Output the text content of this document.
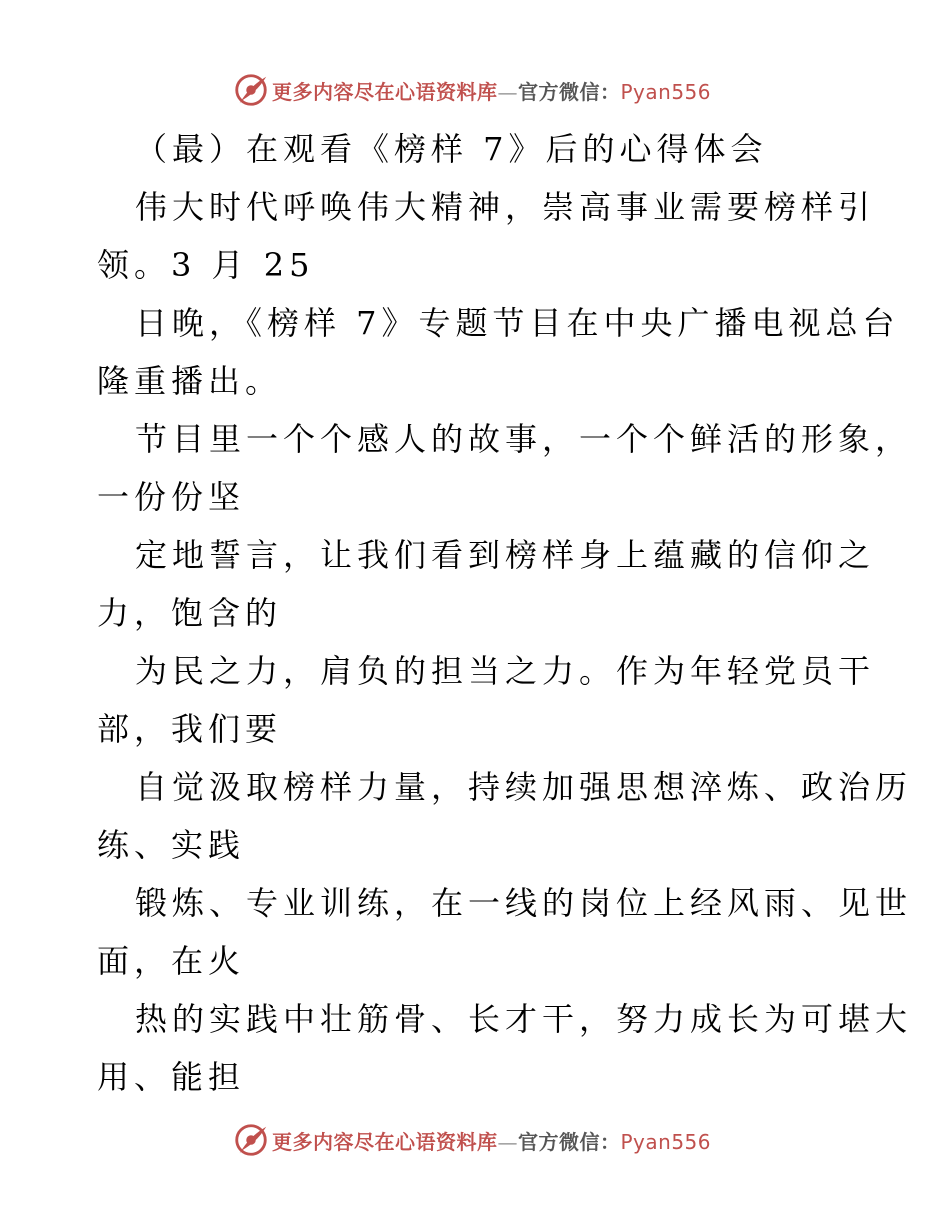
更多内容尽在心语资料库—官方微信：Pyan556
（最）在观看《榜样 7》后的心得体会
伟大时代呼唤伟大精神，崇高事业需要榜样引
领。3 月 25
日晚，《榜样 7》专题节目在中央广播电视总台
隆重播出。
节目里一个个感人的故事，一个个鲜活的形象，
一份份坚
定地誓言，让我们看到榜样身上蕴藏的信仰之
力，饱含的
为民之力，肩负的担当之力。作为年轻党员干
部，我们要
自觉汲取榜样力量，持续加强思想淬炼、政治历
练、实践
锻炼、专业训练，在一线的岗位上经风雨、见世
面，在火
热的实践中壮筋骨、长才干，努力成长为可堪大
用、能担
更多内容尽在心语资料库—官方微信：Pyan556
